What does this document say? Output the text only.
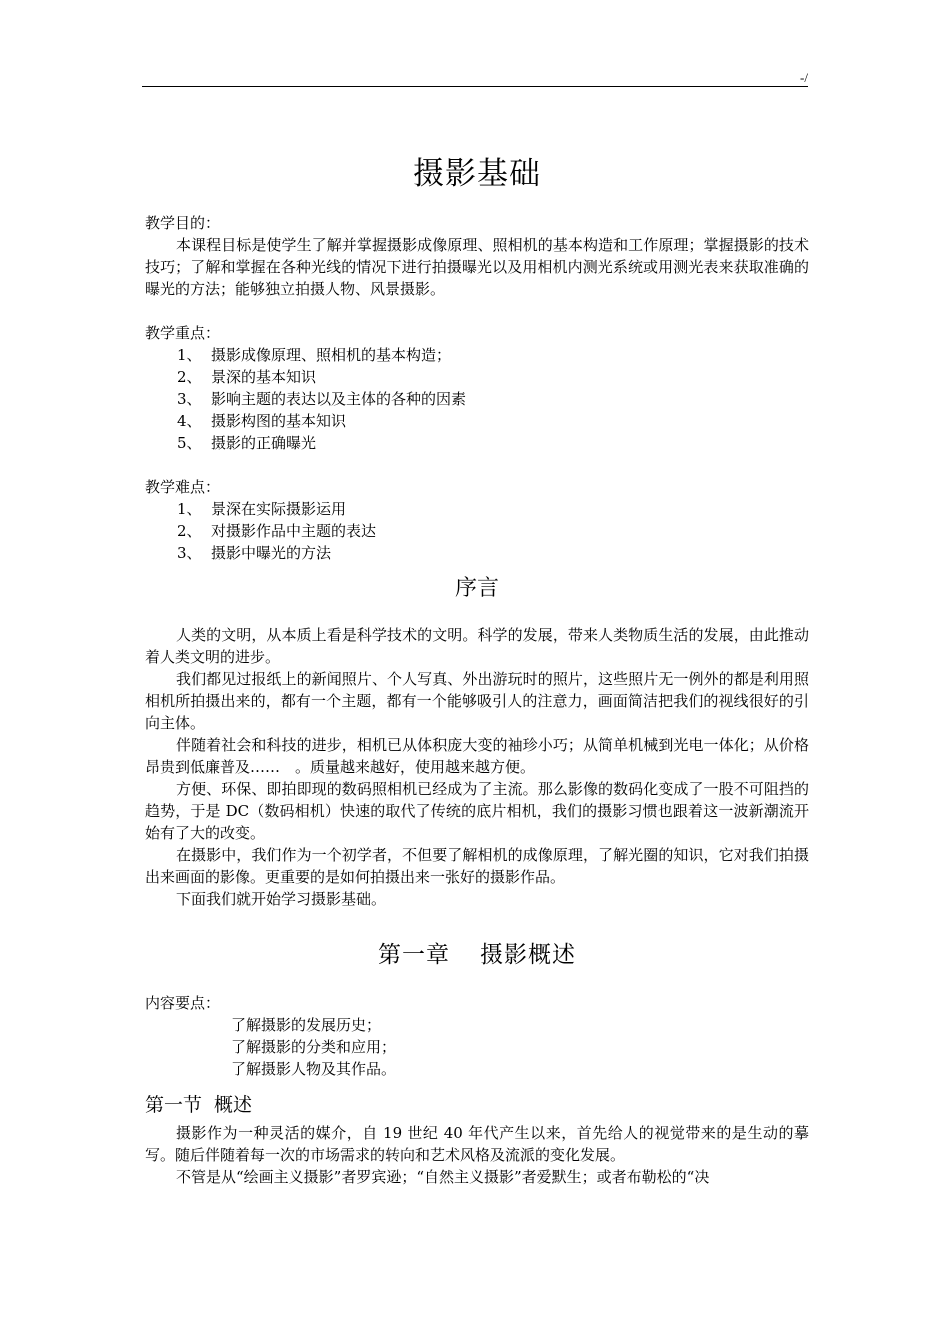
-/
摄影基础

教学目的：

本课程目标是使学生了解并掌握摄影成像原理、照相机的基本构造和工作原理；掌握摄影的技术技巧；了解和掌握在各种光线的情况下进行拍摄曝光以及用相机内测光系统或用测光表来获取准确的曝光的方法；能够独立拍摄人物、风景摄影。

教学重点：

1、 摄影成像原理、照相机的基本构造；
2、 景深的基本知识
3、 影响主题的表达以及主体的各种的因素
4、 摄影构图的基本知识
5、 摄影的正确曝光

教学难点：

1、 景深在实际摄影运用
2、 对摄影作品中主题的表达
3、 摄影中曝光的方法
序言

人类的文明，从本质上看是科学技术的文明。科学的发展，带来人类物质生活的发展，由此推动着人类文明的进步。

我们都见过报纸上的新闻照片、个人写真、外出游玩时的照片，这些照片无一例外的都是利用照相机所拍摄出来的，都有一个主题，都有一个能够吸引人的注意力，画面简洁把我们的视线很好的引向主体。

伴随着社会和科技的进步，相机已从体积庞大变的袖珍小巧；从简单机械到光电一体化；从价格昂贵到低廉普及……　。质量越来越好，使用越来越方便。

方便、环保、即拍即现的数码照相机已经成为了主流。那么影像的数码化变成了一股不可阻挡的趋势，于是 DC（数码相机）快速的取代了传统的底片相机，我们的摄影习惯也跟着这一波新潮流开始有了大的改变。

在摄影中，我们作为一个初学者，不但要了解相机的成像原理，了解光圈的知识，它对我们拍摄出来画面的影像。更重要的是如何拍摄出来一张好的摄影作品。

下面我们就开始学习摄影基础。

第一章 摄影概述

内容要点：

了解摄影的发展历史；
了解摄影的分类和应用；
了解摄影人物及其作品。
第一节 概述

摄影作为一种灵活的媒介，自 19 世纪 40 年代产生以来，首先给人的视觉带来的是生动的摹写。随后伴随着每一次的市场需求的转向和艺术风格及流派的变化发展。

不管是从“绘画主义摄影”者罗宾逊；“自然主义摄影”者爱默生；或者布勒松的“决
